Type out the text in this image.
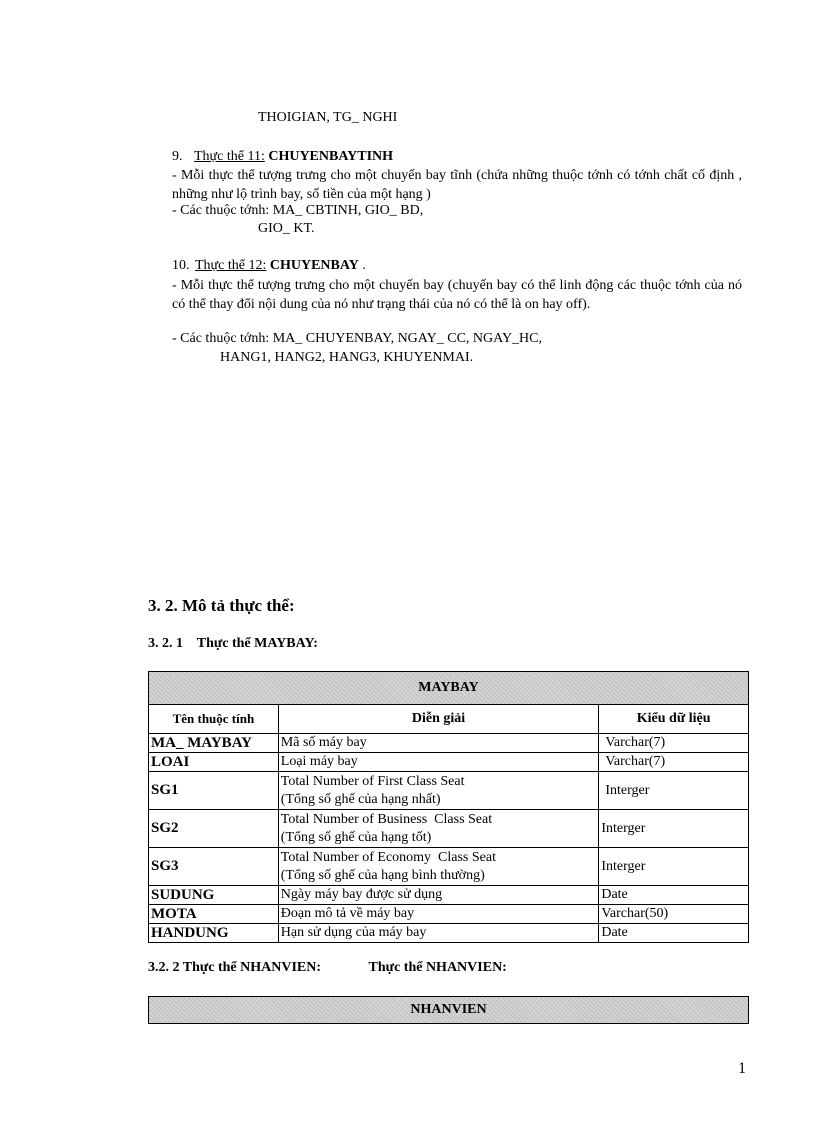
THOIGIAN, TG_ NGHI
9. Thực thể 11: CHUYENBAYTINH
- Mỗi thực thể tượng trưng cho một chuyến bay tĩnh (chứa những thuộc tớnh có tớnh chất cố định , những như lộ trình bay, số tiền của một hạng )
- Các thuộc tớnh: MA_ CBTINH, GIO_ BD,
GIO_ KT.
10. Thực thể 12: CHUYENBAY .
- Mỗi thực thể tượng trưng cho một chuyến bay (chuyến bay có thể linh động các thuộc tớnh của nó có thể thay đổi nội dung của nó như trạng thái của nó có thể là on hay off).
- Các thuộc tớnh: MA_ CHUYENBAY, NGAY_ CC, NGAY_HC,
HANG1, HANG2, HANG3, KHUYENMAI.
3. 2. Mô tả thực thể:
3. 2. 1    Thực thể MAYBAY:
MAYBAY		
Tên thuộc tính	Diễn giải	Kiểu dữ liệu
MA_ MAYBAY	Mã số máy bay	Varchar(7)
LOAI	Loại máy bay	Varchar(7)
SG1	Total Number of First Class Seat
(Tổng số ghế của hạng nhất)	Interger
SG2	Total Number of Business  Class Seat
(Tổng số ghế của hạng tốt)	Interger
SG3	Total Number of Economy  Class Seat
(Tổng số ghế của hạng bình thường)	Interger
SUDUNG	Ngày máy bay được sử dụng	Date
MOTA	Đoạn mô tả về máy bay	Varchar(50)
HANDUNG	Hạn sử dụng của máy bay	Date
3.2. 2 Thực thể NHANVIEN:	Thực thể NHANVIEN:
NHANVIEN
1
